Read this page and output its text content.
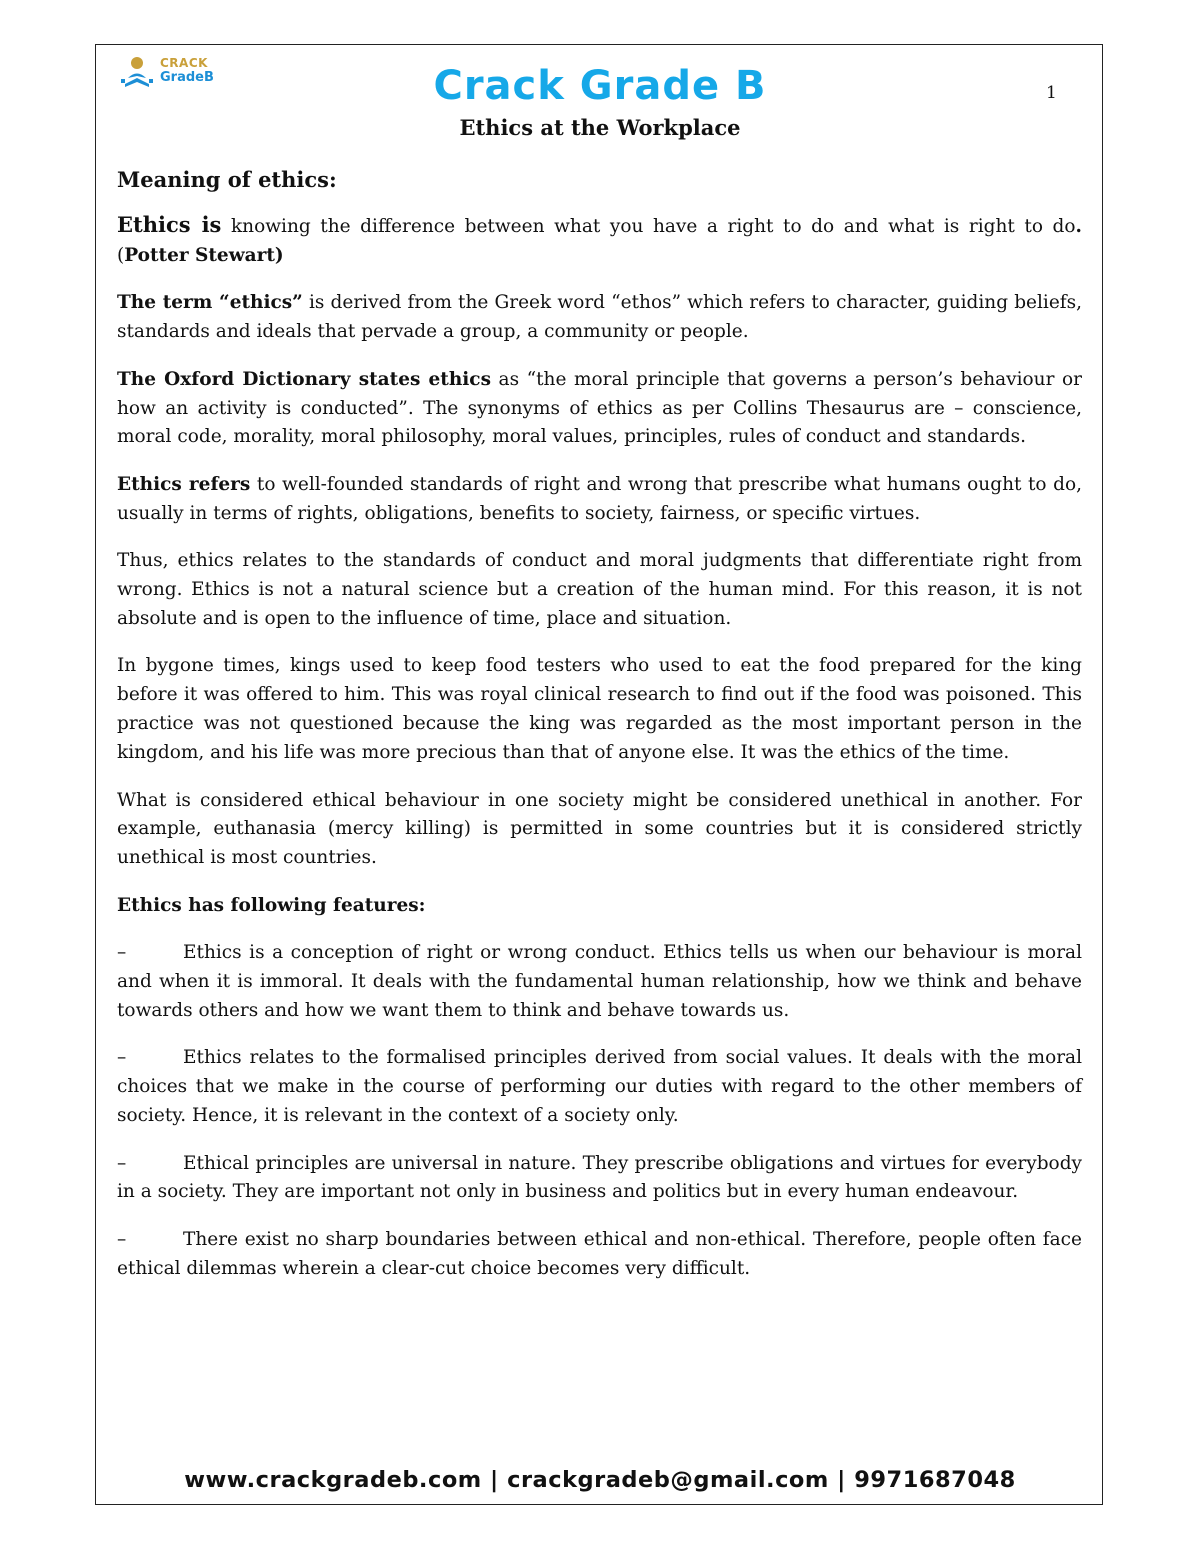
CRACK
GradeB	Crack Grade B	1
Ethics at the Workplace
Meaning of ethics:

Ethics is knowing the difference between what you have a right to do and what is right to do. (Potter Stewart)

The term “ethics” is derived from the Greek word “ethos” which refers to character, guiding beliefs, standards and ideals that pervade a group, a community or people.

The Oxford Dictionary states ethics as “the moral principle that governs a person’s behaviour or how an activity is conducted”. The synonyms of ethics as per Collins Thesaurus are – conscience, moral code, morality, moral philosophy, moral values, principles, rules of conduct and standards.

Ethics refers to well-founded standards of right and wrong that prescribe what humans ought to do, usually in terms of rights, obligations, benefits to society, fairness, or specific virtues.

Thus, ethics relates to the standards of conduct and moral judgments that differentiate right from wrong. Ethics is not a natural science but a creation of the human mind. For this reason, it is not absolute and is open to the influence of time, place and situation.

In bygone times, kings used to keep food testers who used to eat the food prepared for the king before it was offered to him. This was royal clinical research to find out if the food was poisoned. This practice was not questioned because the king was regarded as the most important person in the kingdom, and his life was more precious than that of anyone else. It was the ethics of the time.

What is considered ethical behaviour in one society might be considered unethical in another. For example, euthanasia (mercy killing) is permitted in some countries but it is considered strictly unethical is most countries.

Ethics has following features:

–	Ethics is a conception of right or wrong conduct. Ethics tells us when our behaviour is moral and when it is immoral. It deals with the fundamental human relationship, how we think and behave towards others and how we want them to think and behave towards us.

–	Ethics relates to the formalised principles derived from social values. It deals with the moral choices that we make in the course of performing our duties with regard to the other members of society. Hence, it is relevant in the context of a society only.

–	Ethical principles are universal in nature. They prescribe obligations and virtues for everybody in a society. They are important not only in business and politics but in every human endeavour.

–	There exist no sharp boundaries between ethical and non-ethical. Therefore, people often face ethical dilemmas wherein a clear-cut choice becomes very difficult.

www.crackgradeb.com | crackgradeb@gmail.com | 9971687048
